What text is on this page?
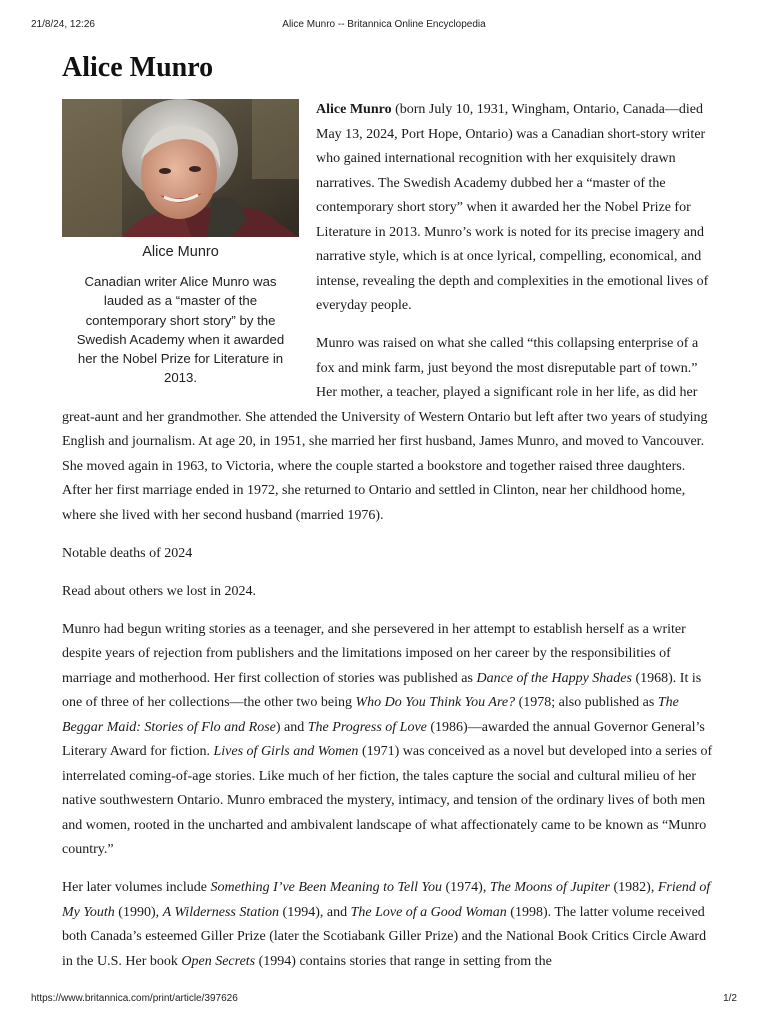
21/8/24, 12:26	Alice Munro -- Britannica Online Encyclopedia
Alice Munro
Alice Munro
Canadian writer Alice Munro was lauded as a “master of the contemporary short story” by the Swedish Academy when it awarded her the Nobel Prize for Literature in 2013.

Alice Munro (born July 10, 1931, Wingham, Ontario, Canada—died May 13, 2024, Port Hope, Ontario) was a Canadian short-story writer who gained international recognition with her exquisitely drawn narratives. The Swedish Academy dubbed her a “master of the contemporary short story” when it awarded her the Nobel Prize for Literature in 2013. Munro’s work is noted for its precise imagery and narrative style, which is at once lyrical, compelling, economical, and intense, revealing the depth and complexities in the emotional lives of everyday people.

Munro was raised on what she called “this collapsing enterprise of a fox and mink farm, just beyond the most disreputable part of town.” Her mother, a teacher, played a significant role in her life, as did her great-aunt and her grandmother. She attended the University of Western Ontario but left after two years of studying English and journalism. At age 20, in 1951, she married her first husband, James Munro, and moved to Vancouver. She moved again in 1963, to Victoria, where the couple started a bookstore and together raised three daughters. After her first marriage ended in 1972, she returned to Ontario and settled in Clinton, near her childhood home, where she lived with her second husband (married 1976).

Notable deaths of 2024

Read about others we lost in 2024.

Munro had begun writing stories as a teenager, and she persevered in her attempt to establish herself as a writer despite years of rejection from publishers and the limitations imposed on her career by the responsibilities of marriage and motherhood. Her first collection of stories was published as Dance of the Happy Shades (1968). It is one of three of her collections—the other two being Who Do You Think You Are? (1978; also published as The Beggar Maid: Stories of Flo and Rose) and The Progress of Love (1986)—awarded the annual Governor General’s Literary Award for fiction. Lives of Girls and Women (1971) was conceived as a novel but developed into a series of interrelated coming-of-age stories. Like much of her fiction, the tales capture the social and cultural milieu of her native southwestern Ontario. Munro embraced the mystery, intimacy, and tension of the ordinary lives of both men and women, rooted in the uncharted and ambivalent landscape of what affectionately came to be known as “Munro country.”

Her later volumes include Something I’ve Been Meaning to Tell You (1974), The Moons of Jupiter (1982), Friend of My Youth (1990), A Wilderness Station (1994), and The Love of a Good Woman (1998). The latter volume received both Canada’s esteemed Giller Prize (later the Scotiabank Giller Prize) and the National Book Critics Circle Award in the U.S. Her book Open Secrets (1994) contains stories that range in setting from the

https://www.britannica.com/print/article/397626	1/2
